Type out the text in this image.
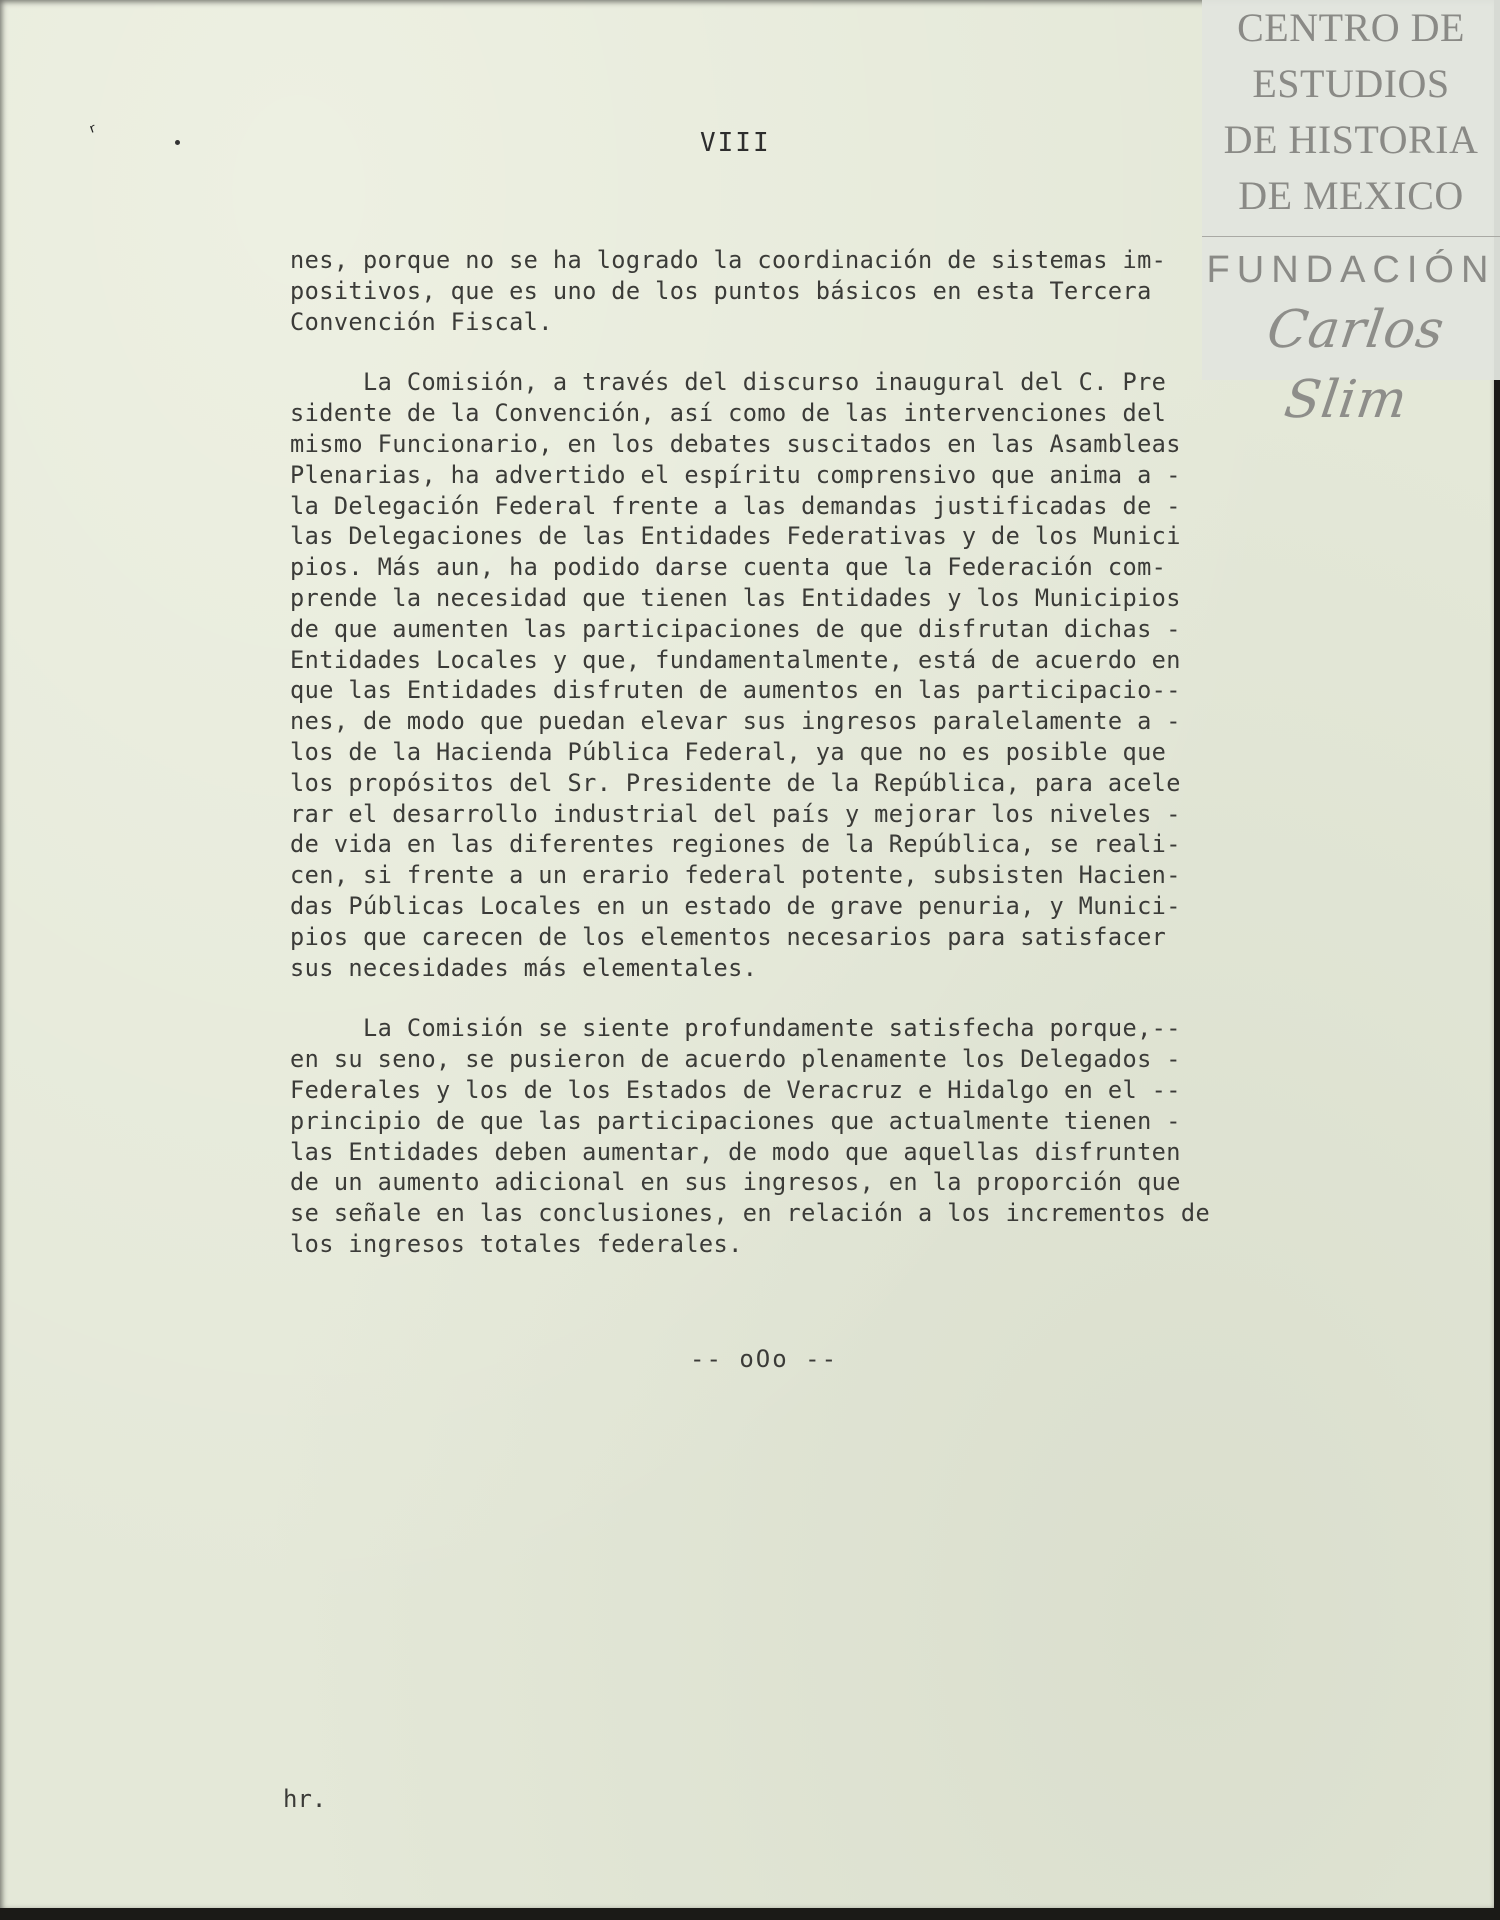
ʳ	VIII
nes, porque no se ha logrado la coordinación de sistemas im-
positivos, que es uno de los puntos básicos en esta Tercera
Convención Fiscal.
La Comisión, a través del discurso inaugural del C. Pre
sidente de la Convención, así como de las intervenciones del
mismo Funcionario, en los debates suscitados en las Asambleas
Plenarias, ha advertido el espíritu comprensivo que anima a -
la Delegación Federal frente a las demandas justificadas de -
las Delegaciones de las Entidades Federativas y de los Munici
pios. Más aun, ha podido darse cuenta que la Federación com-
prende la necesidad que tienen las Entidades y los Municipios
de que aumenten las participaciones de que disfrutan dichas -
Entidades Locales y que, fundamentalmente, está de acuerdo en
que las Entidades disfruten de aumentos en las participacio--
nes, de modo que puedan elevar sus ingresos paralelamente a -
los de la Hacienda Pública Federal, ya que no es posible que
los propósitos del Sr. Presidente de la República, para acele
rar el desarrollo industrial del país y mejorar los niveles -
de vida en las diferentes regiones de la República, se reali-
cen, si frente a un erario federal potente, subsisten Hacien-
das Públicas Locales en un estado de grave penuria, y Munici-
pios que carecen de los elementos necesarios para satisfacer
sus necesidades más elementales.
La Comisión se siente profundamente satisfecha porque,--
en su seno, se pusieron de acuerdo plenamente los Delegados -
Federales y los de los Estados de Veracruz e Hidalgo en el --
principio de que las participaciones que actualmente tienen -
las Entidades deben aumentar, de modo que aquellas disfrunten
de un aumento adicional en sus ingresos, en la proporción que
se señale en las conclusiones, en relación a los incrementos de
los ingresos totales federales.
-- oOo --
hr.
CENTRO DE
ESTUDIOS
DE HISTORIA
DE MEXICO
FUNDACIÓN
Carlos Slim
